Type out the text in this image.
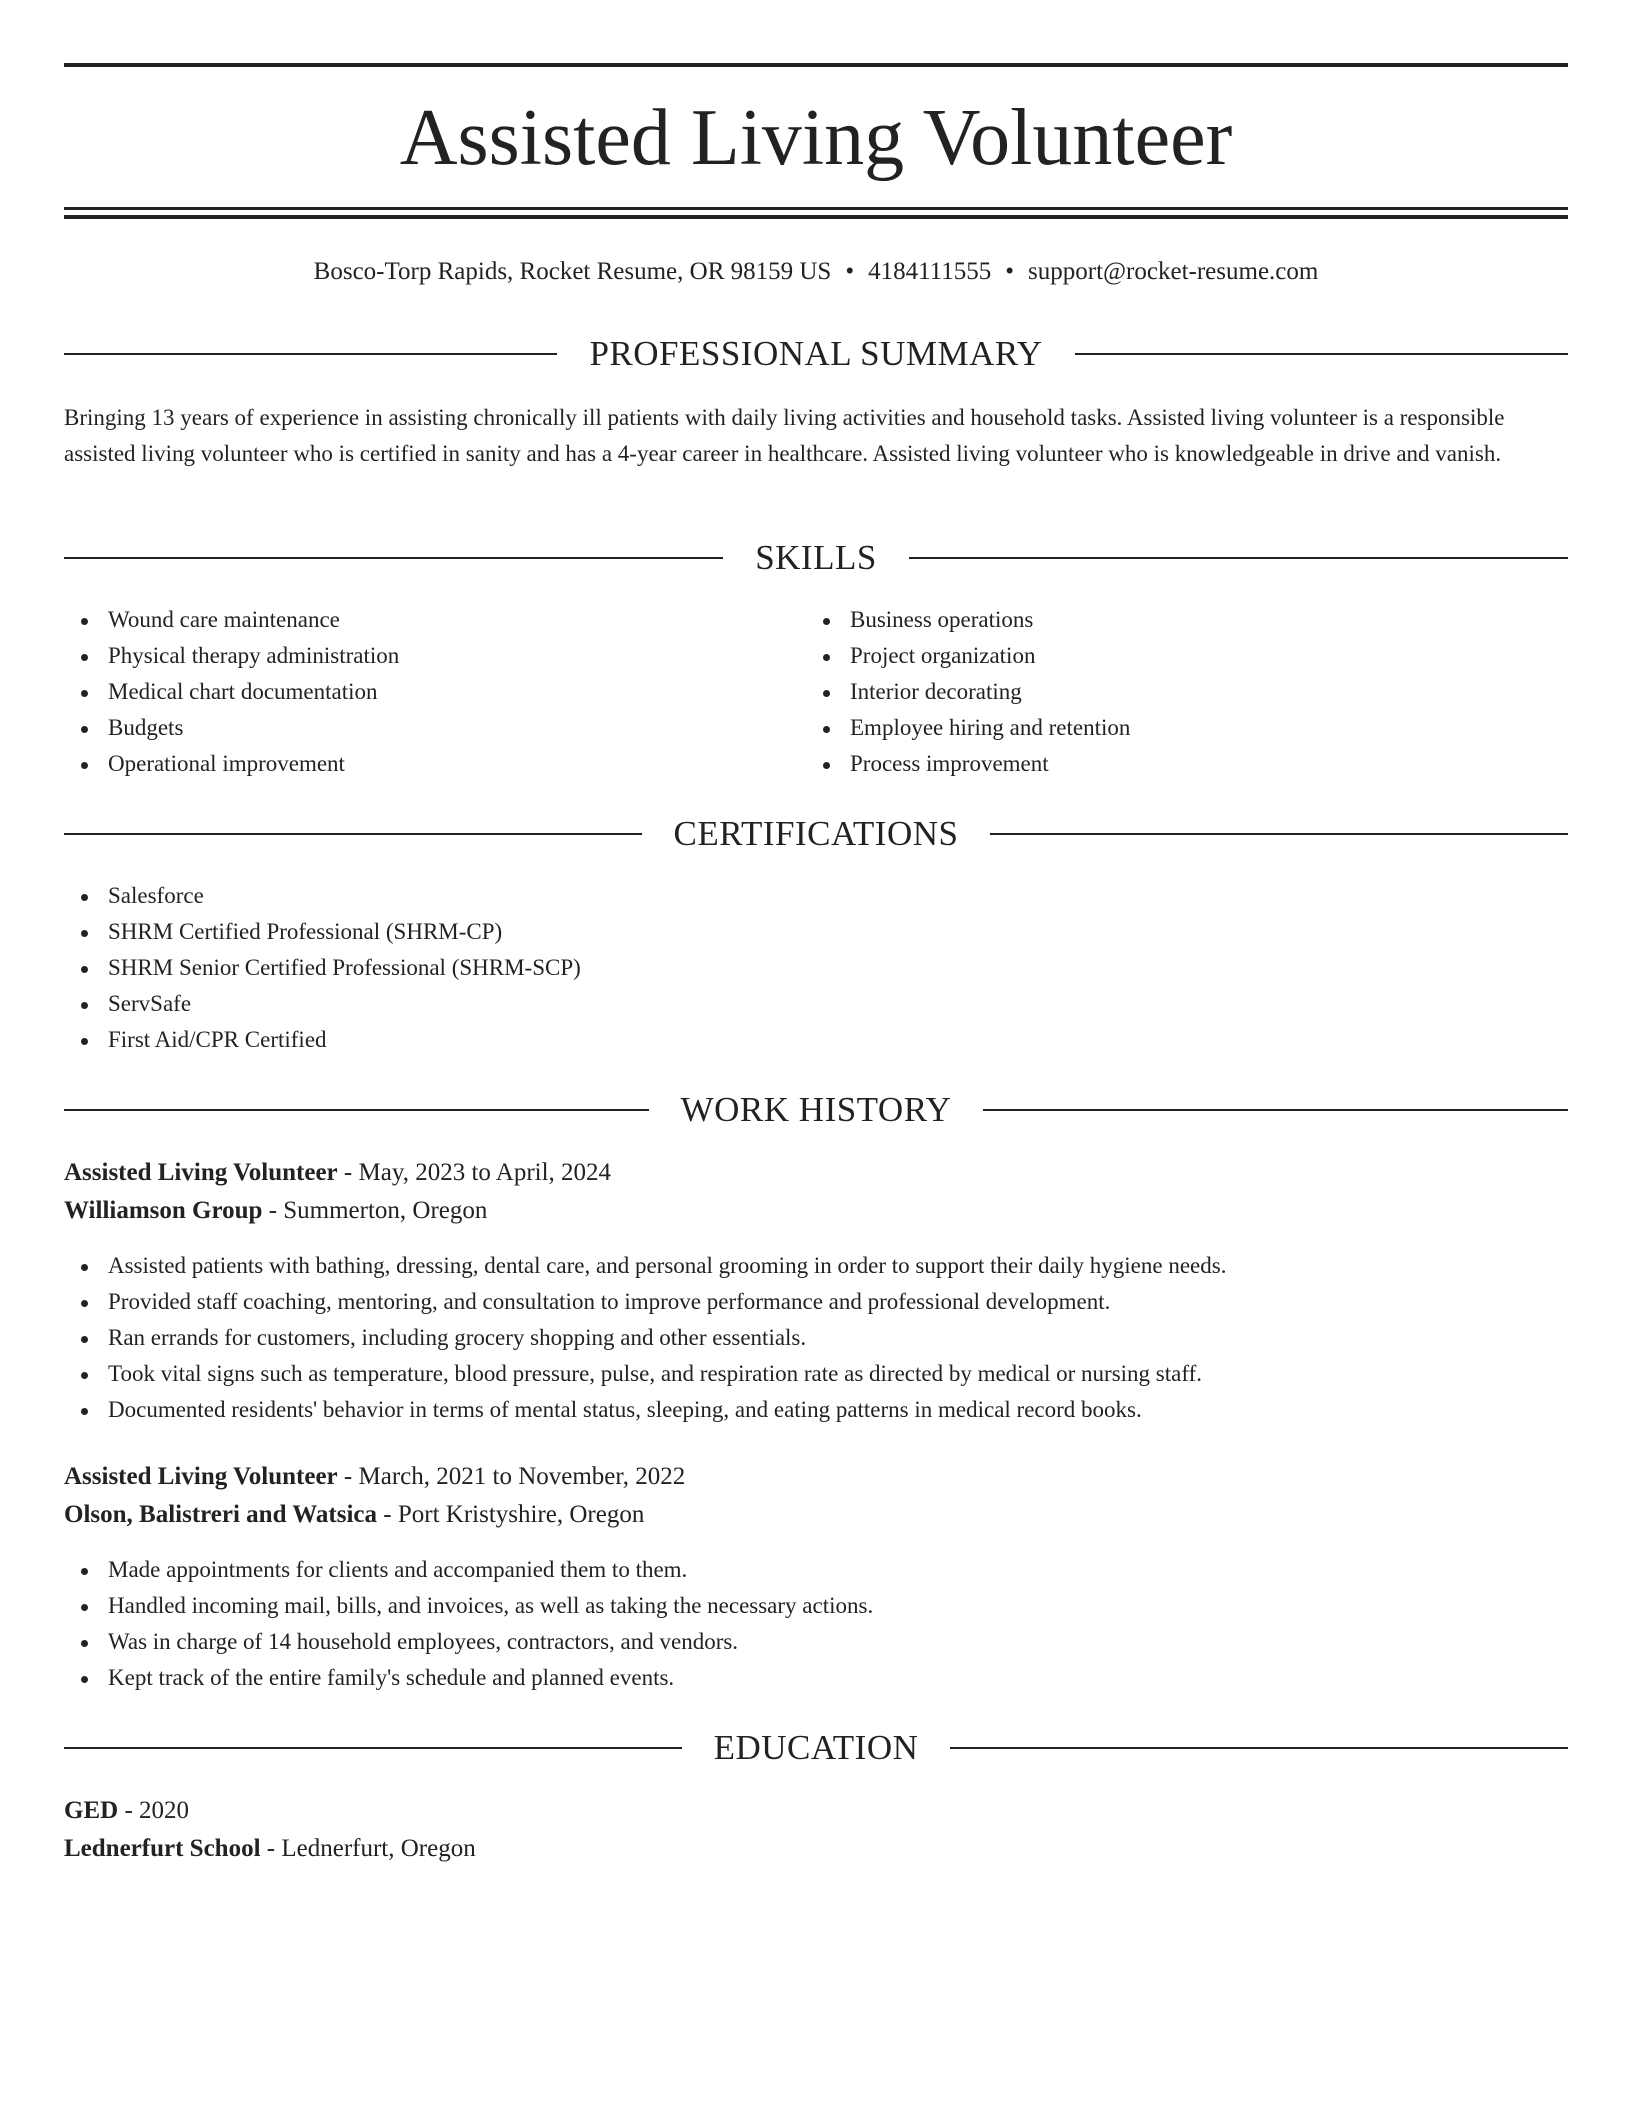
Assisted Living Volunteer
Bosco-Torp Rapids, Rocket Resume, OR 98159 US • 4184111555 • support@rocket-resume.com
PROFESSIONAL SUMMARY

Bringing 13 years of experience in assisting chronically ill patients with daily living activities and household tasks. Assisted living volunteer is a responsible assisted living volunteer who is certified in sanity and has a 4-year career in healthcare. Assisted living volunteer who is knowledgeable in drive and vanish.

SKILLS
Wound care maintenance
Physical therapy administration
Medical chart documentation
Budgets
Operational improvement
Business operations
Project organization
Interior decorating
Employee hiring and retention
Process improvement
CERTIFICATIONS
Salesforce
SHRM Certified Professional (SHRM-CP)
SHRM Senior Certified Professional (SHRM-SCP)
ServSafe
First Aid/CPR Certified
WORK HISTORY
Assisted Living Volunteer - May, 2023 to April, 2024
Williamson Group - Summerton, Oregon
Assisted patients with bathing, dressing, dental care, and personal grooming in order to support their daily hygiene needs.
Provided staff coaching, mentoring, and consultation to improve performance and professional development.
Ran errands for customers, including grocery shopping and other essentials.
Took vital signs such as temperature, blood pressure, pulse, and respiration rate as directed by medical or nursing staff.
Documented residents' behavior in terms of mental status, sleeping, and eating patterns in medical record books.
Assisted Living Volunteer - March, 2021 to November, 2022
Olson, Balistreri and Watsica - Port Kristyshire, Oregon
Made appointments for clients and accompanied them to them.
Handled incoming mail, bills, and invoices, as well as taking the necessary actions.
Was in charge of 14 household employees, contractors, and vendors.
Kept track of the entire family's schedule and planned events.
EDUCATION
GED - 2020
Lednerfurt School - Lednerfurt, Oregon
